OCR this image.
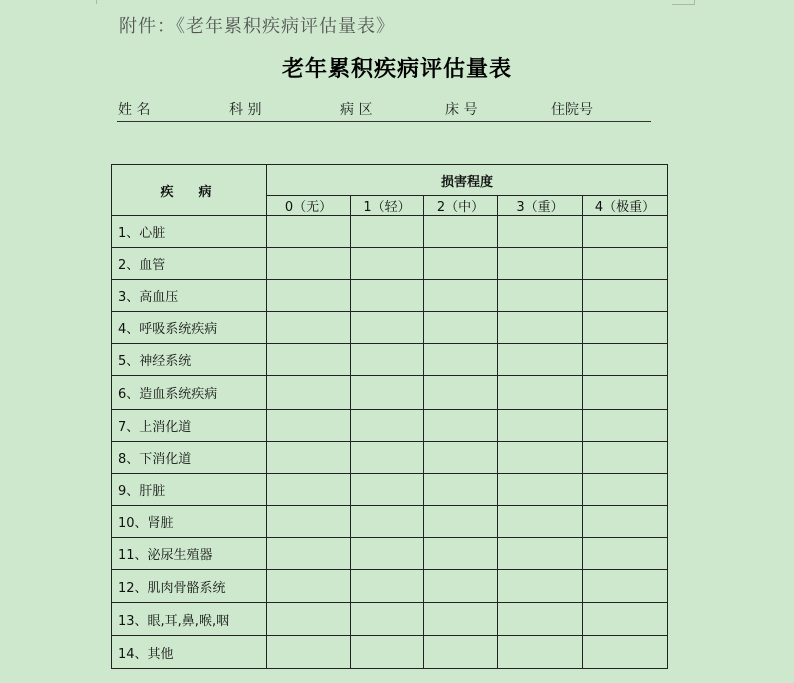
附件：《老年累积疾病评估量表》
老年累积疾病评估量表
姓 名	科 别	病 区	床 号	住院号
疾　病	损害程度				
	0（无）	1（轻）	2（中）	3（重）	4（极重）
1、心脏					
2、血管					
3、高血压					
4、呼吸系统疾病					
5、神经系统					
6、造血系统疾病					
7、上消化道					
8、下消化道					
9、肝脏					
10、肾脏					
11、泌尿生殖器					
12、肌肉骨骼系统					
13、眼,耳,鼻,喉,咽					
14、其他					
